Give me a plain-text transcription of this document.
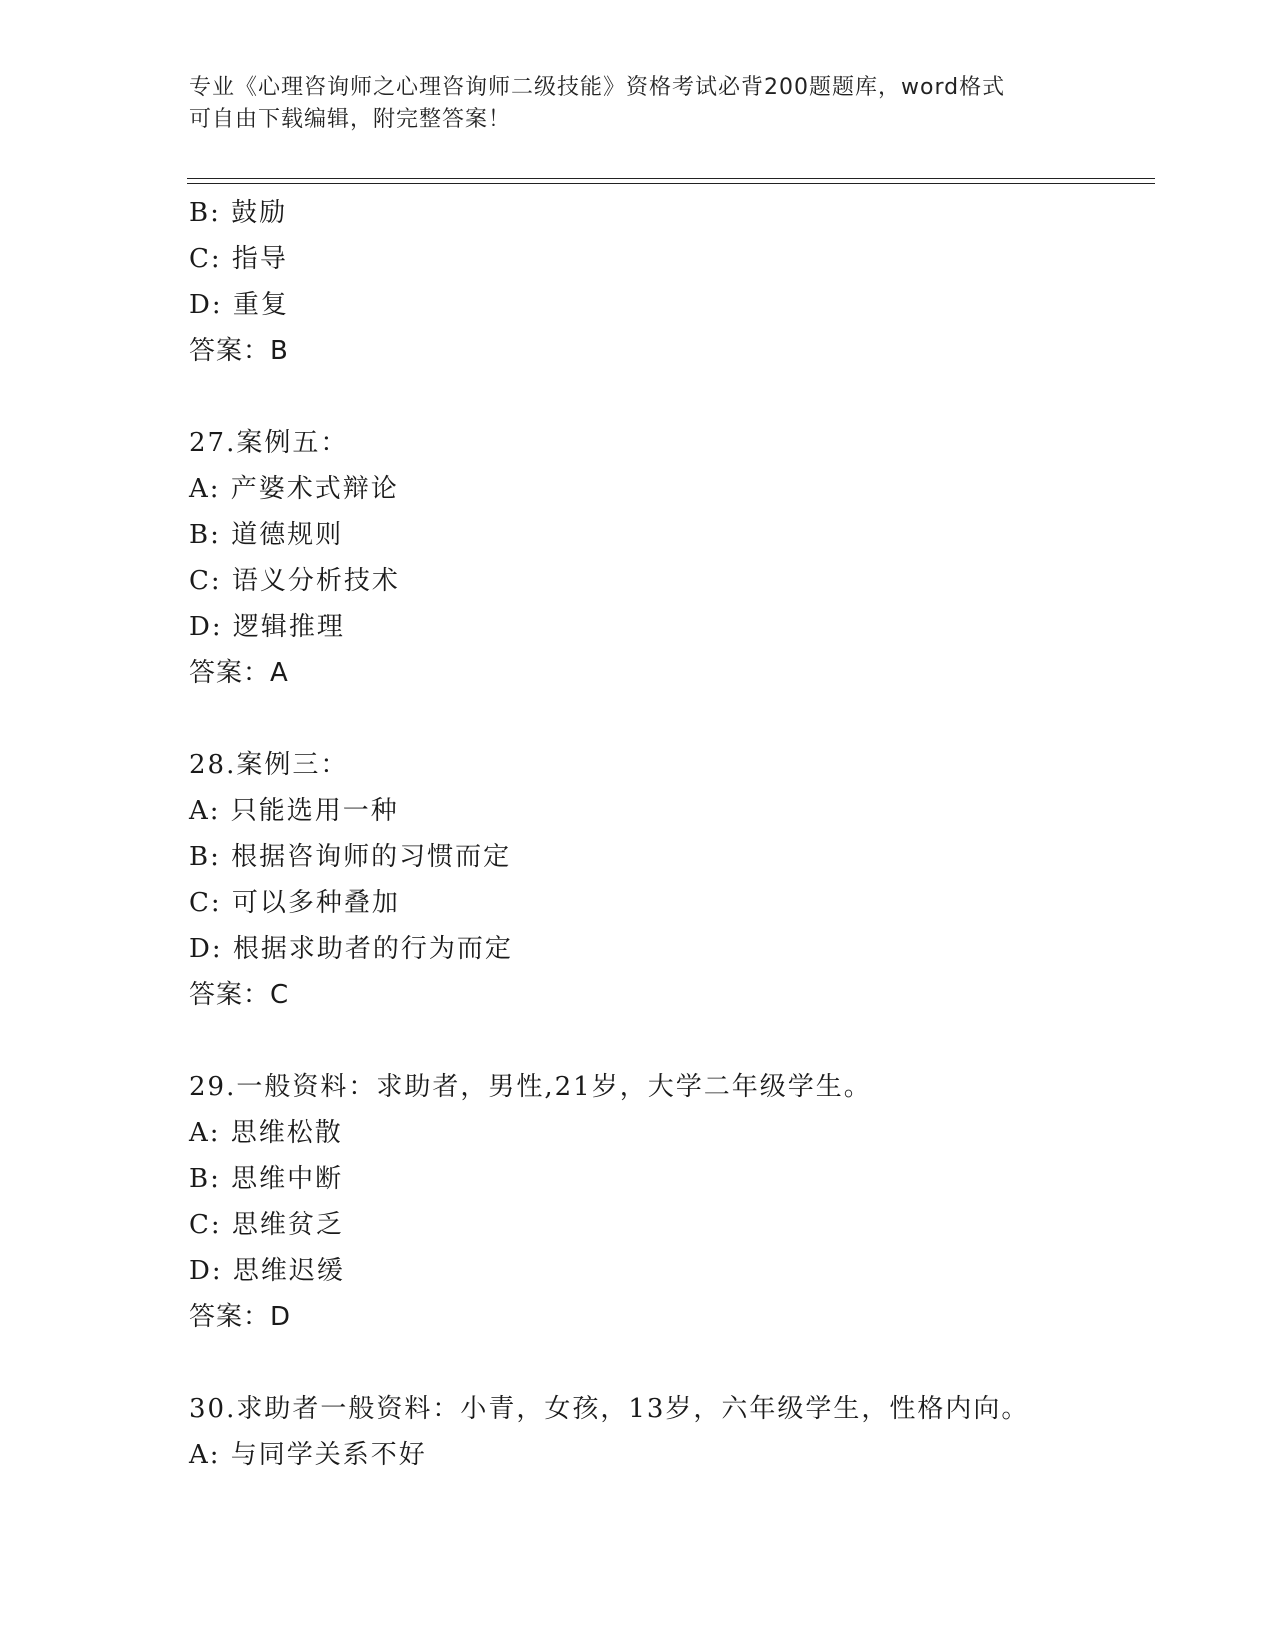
专业《心理咨询师之心理咨询师二级技能》资格考试必背200题题库，word格式
可自由下载编辑，附完整答案！
B: 鼓励
C: 指导
D: 重复
答案：B
27.案例五：
A: 产婆术式辩论
B: 道德规则
C: 语义分析技术
D: 逻辑推理
答案：A
28.案例三：
A: 只能选用一种
B: 根据咨询师的习惯而定
C: 可以多种叠加
D: 根据求助者的行为而定
答案：C
29.一般资料：求助者，男性,21岁，大学二年级学生。
A: 思维松散
B: 思维中断
C: 思维贫乏
D: 思维迟缓
答案：D
30.求助者一般资料：小青，女孩，13岁，六年级学生，性格内向。
A: 与同学关系不好
